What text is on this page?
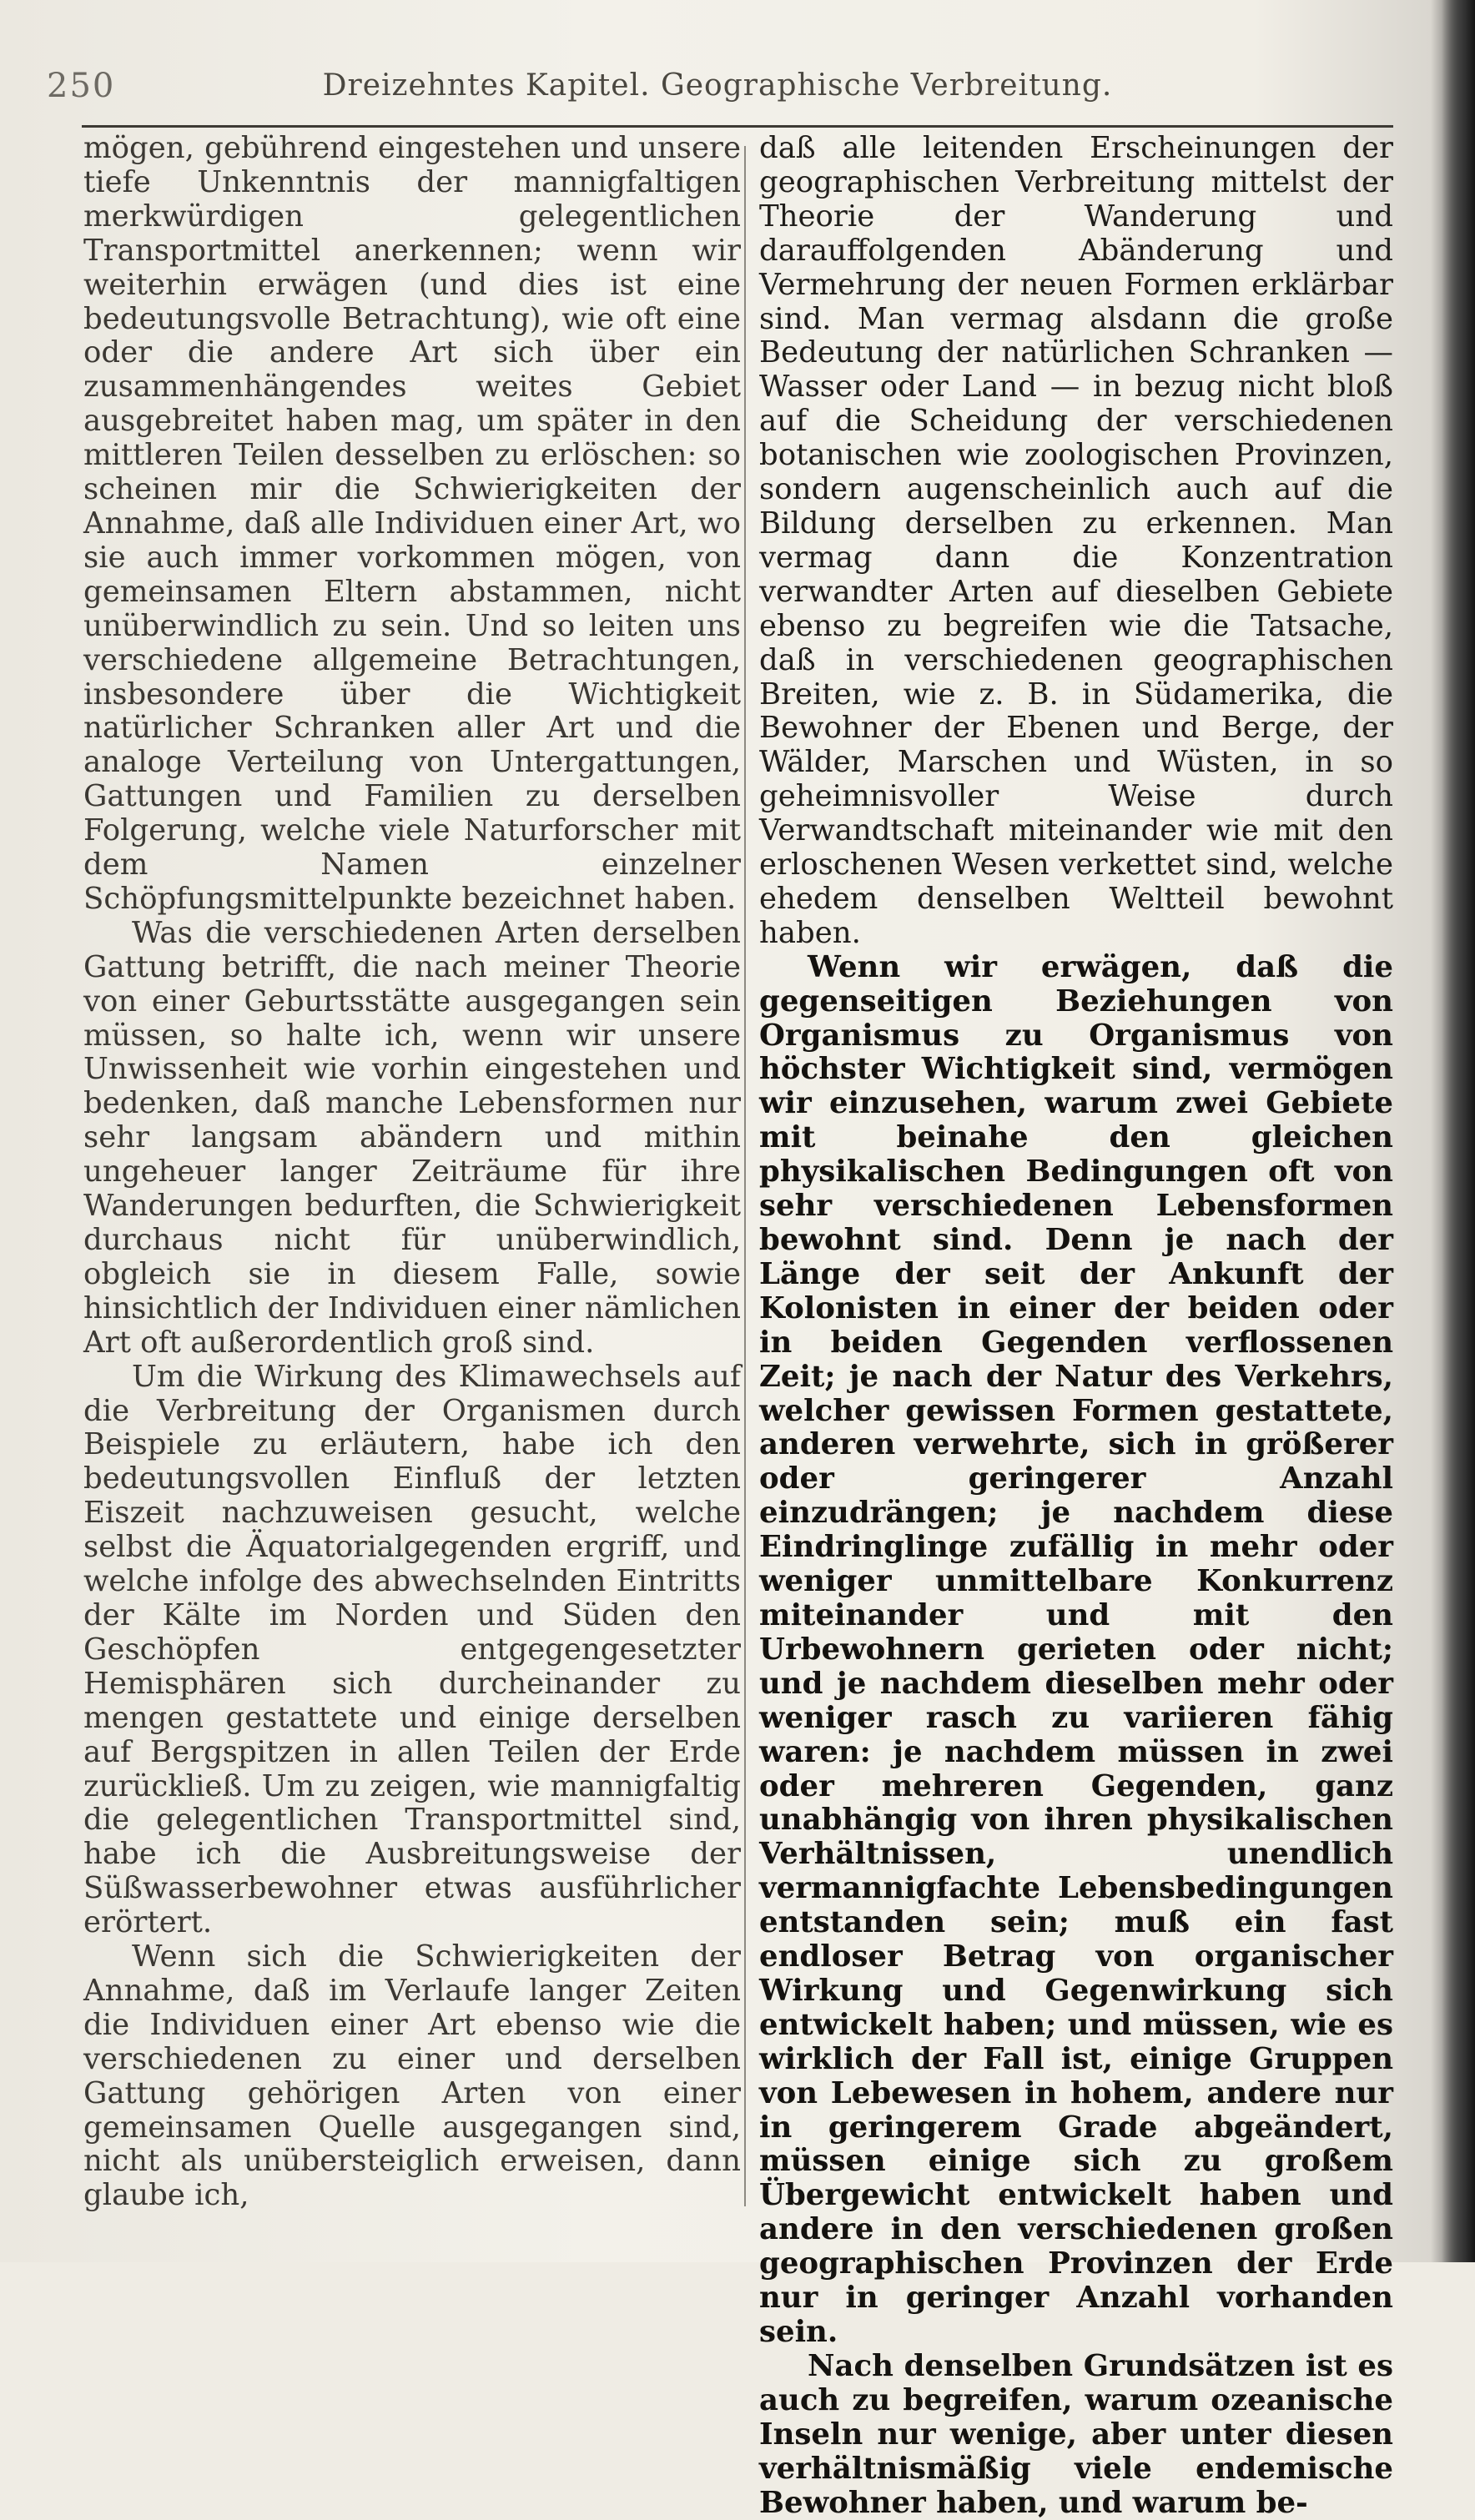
250	Dreizehntes Kapitel. Geographische Verbreitung.

mögen, gebührend eingestehen und unsere tiefe Unkenntnis der mannigfaltigen merkwürdigen gelegentlichen Transportmittel anerkennen; wenn wir weiterhin erwägen (und dies ist eine bedeutungsvolle Betrachtung), wie oft eine oder die andere Art sich über ein zusammenhängendes weites Gebiet ausgebreitet haben mag, um später in den mittleren Teilen desselben zu erlöschen: so scheinen mir die Schwierigkeiten der Annahme, daß alle Individuen einer Art, wo sie auch immer vorkommen mögen, von gemeinsamen Eltern abstammen, nicht unüberwindlich zu sein. Und so leiten uns verschiedene allgemeine Betrachtungen, insbesondere über die Wichtigkeit natürlicher Schranken aller Art und die analoge Verteilung von Untergattungen, Gattungen und Familien zu derselben Folgerung, welche viele Naturforscher mit dem Namen einzelner Schöpfungsmittelpunkte bezeichnet haben.

Was die verschiedenen Arten derselben Gattung betrifft, die nach meiner Theorie von einer Geburtsstätte ausgegangen sein müssen, so halte ich, wenn wir unsere Unwissenheit wie vorhin eingestehen und bedenken, daß manche Lebensformen nur sehr langsam abändern und mithin ungeheuer langer Zeiträume für ihre Wanderungen bedurften, die Schwierigkeit durchaus nicht für unüberwindlich, obgleich sie in diesem Falle, sowie hinsichtlich der Individuen einer nämlichen Art oft außerordentlich groß sind.

Um die Wirkung des Klimawechsels auf die Verbreitung der Organismen durch Beispiele zu erläutern, habe ich den bedeutungsvollen Einfluß der letzten Eiszeit nachzuweisen gesucht, welche selbst die Äquatorialgegenden ergriff, und welche infolge des abwechselnden Eintritts der Kälte im Norden und Süden den Geschöpfen entgegengesetzter Hemisphären sich durcheinander zu mengen gestattete und einige derselben auf Bergspitzen in allen Teilen der Erde zurückließ. Um zu zeigen, wie mannigfaltig die gelegentlichen Transportmittel sind, habe ich die Ausbreitungsweise der Süßwasserbewohner etwas ausführlicher erörtert.

Wenn sich die Schwierigkeiten der Annahme, daß im Verlaufe langer Zeiten die Individuen einer Art ebenso wie die verschiedenen zu einer und derselben Gattung gehörigen Arten von einer gemeinsamen Quelle ausgegangen sind, nicht als unübersteiglich erweisen, dann glaube ich,

daß alle leitenden Erscheinungen der geographischen Verbreitung mittelst der Theorie der Wanderung und darauffolgenden Abänderung und Vermehrung der neuen Formen erklärbar sind. Man vermag alsdann die große Bedeutung der natürlichen Schranken — Wasser oder Land — in bezug nicht bloß auf die Scheidung der verschiedenen botanischen wie zoologischen Provinzen, sondern augenscheinlich auch auf die Bildung derselben zu erkennen. Man vermag dann die Konzentration verwandter Arten auf dieselben Gebiete ebenso zu begreifen wie die Tatsache, daß in verschiedenen geographischen Breiten, wie z. B. in Südamerika, die Bewohner der Ebenen und Berge, der Wälder, Marschen und Wüsten, in so geheimnisvoller Weise durch Verwandtschaft miteinander wie mit den erloschenen Wesen verkettet sind, welche ehedem denselben Weltteil bewohnt haben.

Wenn wir erwägen, daß die gegenseitigen Beziehungen von Organismus zu Organismus von höchster Wichtigkeit sind, vermögen wir einzusehen, warum zwei Gebiete mit beinahe den gleichen physikalischen Bedingungen oft von sehr verschiedenen Lebensformen bewohnt sind. Denn je nach der Länge der seit der Ankunft der Kolonisten in einer der beiden oder in beiden Gegenden verflossenen Zeit; je nach der Natur des Verkehrs, welcher gewissen Formen gestattete, anderen verwehrte, sich in größerer oder geringerer Anzahl einzudrängen; je nachdem diese Eindringlinge zufällig in mehr oder weniger unmittelbare Konkurrenz miteinander und mit den Urbewohnern gerieten oder nicht; und je nachdem dieselben mehr oder weniger rasch zu variieren fähig waren: je nachdem müssen in zwei oder mehreren Gegenden, ganz unabhängig von ihren physikalischen Verhältnissen, unendlich vermannigfachte Lebensbedingungen entstanden sein; muß ein fast endloser Betrag von organischer Wirkung und Gegenwirkung sich entwickelt haben; und müssen, wie es wirklich der Fall ist, einige Gruppen von Lebewesen in hohem, andere nur in geringerem Grade abgeändert, müssen einige sich zu großem Übergewicht entwickelt haben und andere in den verschiedenen großen geographischen Provinzen der Erde nur in geringer Anzahl vorhanden sein.

Nach denselben Grundsätzen ist es auch zu begreifen, warum ozeanische Inseln nur wenige, aber unter diesen verhältnismäßig viele endemische Bewohner haben, und warum be-
